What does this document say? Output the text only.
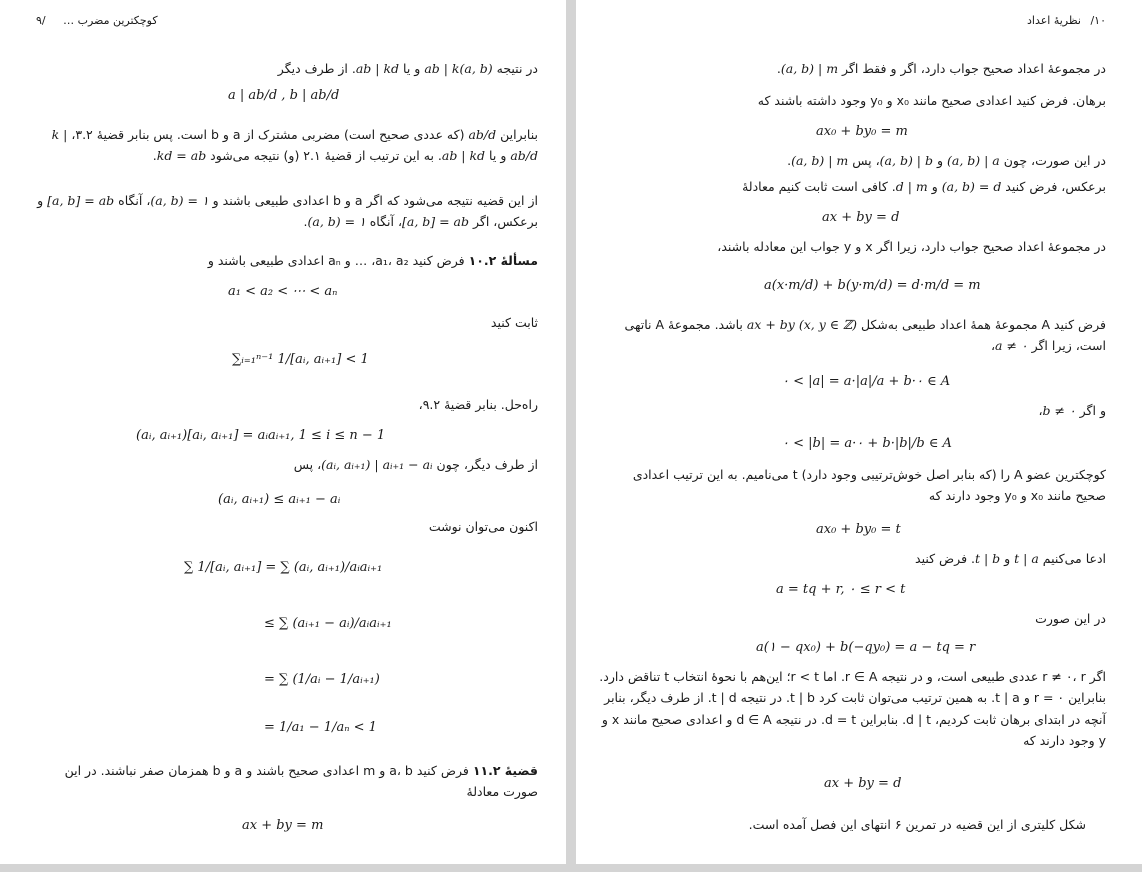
کوچکترین مضرب … ۹/
در نتیجه ab | k(a, b) و یا ab | kd. از طرف دیگر
a | ab/d , b | ab/d
بنابراین ab/d (که عددی صحیح است) مضربی مشترک از a و b است. پس بنابر قضیهٔ ۳.۲، k | ab/d و یا ab | kd. به این ترتیب از قضیهٔ ۲.۱ (و) نتیجه می‌شود kd = ab.
از این قضیه نتیجه می‌شود که اگر a و b اعدادی طبیعی باشند و (a, b) = ۱، آنگاه [a, b] = ab و برعکس، اگر [a, b] = ab، آنگاه (a, b) = ۱.
مسألهٔ ۱۰.۲ فرض کنید a₁، a₂، … و aₙ اعدادی طبیعی باشند و
a₁ < a₂ < ⋯ < aₙ
ثابت کنید
∑ᵢ₌₁ⁿ⁻¹ 1/[aᵢ, aᵢ₊₁] < 1
راه‌حل. بنابر قضیهٔ ۹.۲،
(aᵢ, aᵢ₊₁)[aᵢ, aᵢ₊₁] = aᵢaᵢ₊₁, 1 ≤ i ≤ n − 1
از طرف دیگر، چون (aᵢ, aᵢ₊₁) | aᵢ₊₁ − aᵢ، پس
(aᵢ, aᵢ₊₁) ≤ aᵢ₊₁ − aᵢ
اکنون می‌توان نوشت
∑ 1/[aᵢ, aᵢ₊₁] = ∑ (aᵢ, aᵢ₊₁)/aᵢaᵢ₊₁
≤ ∑ (aᵢ₊₁ − aᵢ)/aᵢaᵢ₊₁
= ∑ (1/aᵢ − 1/aᵢ₊₁)
= 1/a₁ − 1/aₙ < 1
قضیهٔ ۱۱.۲ فرض کنید a، b و m اعدادی صحیح باشند و a و b همزمان صفر نباشند. در این صورت معادلهٔ
ax + by = m
/۱۰ نظریهٔ اعداد
در مجموعهٔ اعداد صحیح جواب دارد، اگر و فقط اگر (a, b) | m.
برهان. فرض کنید اعدادی صحیح مانند x₀ و y₀ وجود داشته باشند که
ax₀ + by₀ = m
در این صورت، چون (a, b) | a و (a, b) | b، پس (a, b) | m.
برعکس، فرض کنید (a, b) = d و d | m. کافی است ثابت کنیم معادلهٔ
ax + by = d
در مجموعهٔ اعداد صحیح جواب دارد، زیرا اگر x و y جواب این معادله باشند،
a(x·m/d) + b(y·m/d) = d·m/d = m
فرض کنید A مجموعهٔ همهٔ اعداد طبیعی به‌شکل ax + by (x, y ∈ ℤ) باشد. مجموعهٔ A ناتهی است، زیرا اگر a ≠ ۰،
۰ < |a| = a·|a|/a + b·۰ ∈ A
و اگر b ≠ ۰،
۰ < |b| = a·۰ + b·|b|/b ∈ A
کوچکترین عضو A را (که بنابر اصل خوش‌ترتیبی وجود دارد) t می‌نامیم. به این ترتیب اعدادی صحیح مانند x₀ و y₀ وجود دارند که
ax₀ + by₀ = t
ادعا می‌کنیم t | a و t | b. فرض کنید
a = tq + r, ۰ ≤ r < t
در این صورت
a(۱ − qx₀) + b(−qy₀) = a − tq = r
اگر r ≠ ۰، r عددی طبیعی است، و در نتیجه r ∈ A. اما r < t؛ این‌هم با نحوهٔ انتخاب t تناقض دارد. بنابراین r = ۰ و t | a. به همین ترتیب می‌توان ثابت کرد t | b. در نتیجه t | d. از طرف دیگر، بنابر آنچه در ابتدای برهان ثابت کردیم، d | t. بنابراین d = t. در نتیجه d ∈ A و اعدادی صحیح مانند x و y وجود دارند که
ax + by = d
شکل کلیتری از این قضیه در تمرین ۶ انتهای این فصل آمده است.
